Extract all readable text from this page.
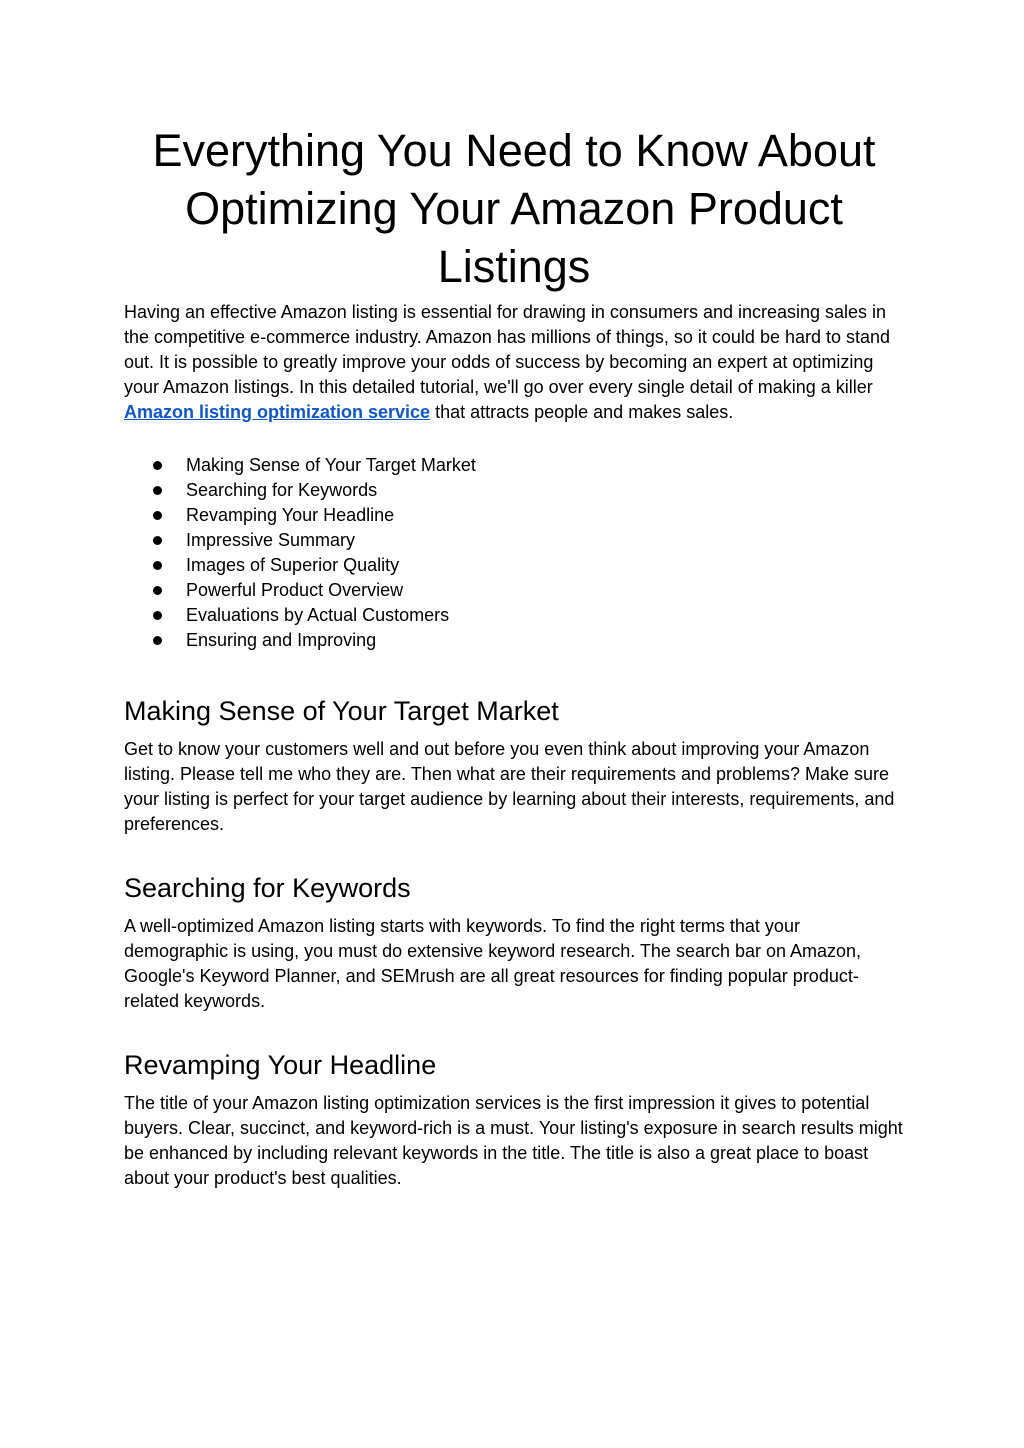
Everything You Need to Know About
Optimizing Your Amazon Product
Listings

Having an effective Amazon listing is essential for drawing in consumers and increasing sales in the competitive e-commerce industry. Amazon has millions of things, so it could be hard to stand out. It is possible to greatly improve your odds of success by becoming an expert at optimizing your Amazon listings. In this detailed tutorial, we'll go over every single detail of making a killer Amazon listing optimization service that attracts people and makes sales.

Making Sense of Your Target Market
Searching for Keywords
Revamping Your Headline
Impressive Summary
Images of Superior Quality
Powerful Product Overview
Evaluations by Actual Customers
Ensuring and Improving
Making Sense of Your Target Market

Get to know your customers well and out before you even think about improving your Amazon listing. Please tell me who they are. Then what are their requirements and problems? Make sure your listing is perfect for your target audience by learning about their interests, requirements, and preferences.

Searching for Keywords

A well-optimized Amazon listing starts with keywords. To find the right terms that your demographic is using, you must do extensive keyword research. The search bar on Amazon, Google's Keyword Planner, and SEMrush are all great resources for finding popular product-related keywords.

Revamping Your Headline

The title of your Amazon listing optimization services is the first impression it gives to potential buyers. Clear, succinct, and keyword-rich is a must. Your listing's exposure in search results might be enhanced by including relevant keywords in the title. The title is also a great place to boast about your product's best qualities.
